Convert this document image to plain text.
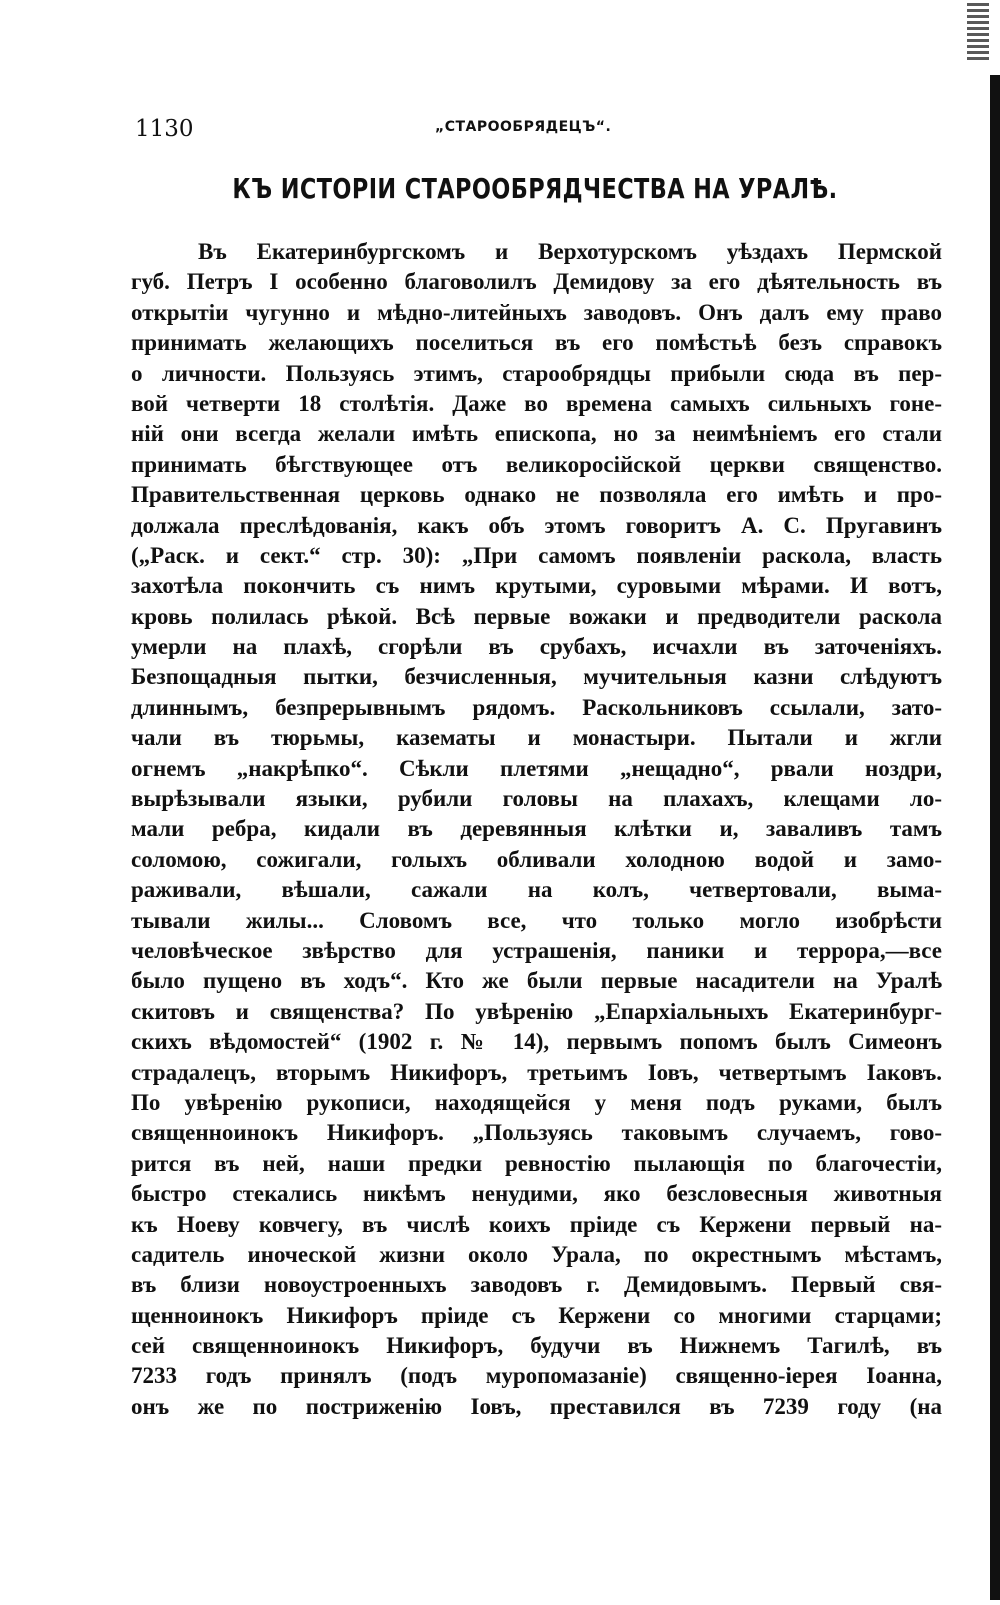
1130	„СТАРООБРЯДЕЦЪ“.
КЪ ИСТОРІИ СТАРООБРЯДЧЕСТВА НА УРАЛѢ.
Въ Екатеринбургскомъ и Верхотурскомъ уѣздахъ Пермской
губ. Петръ I особенно благоволилъ Демидову за его дѣятельность въ
открытіи чугунно и мѣдно-литейныхъ заводовъ. Онъ далъ ему право
принимать желающихъ поселиться въ его помѣстьѣ безъ справокъ
о личности. Пользуясь этимъ, старообрядцы прибыли сюда въ пер-
вой четверти 18 столѣтія. Даже во времена самыхъ сильныхъ гоне-
ній они всегда желали имѣть епископа, но за неимѣніемъ его стали
принимать бѣгствующее отъ великоросійской церкви священство.
Правительственная церковь однако не позволяла его имѣть и про-
должала преслѣдованія, какъ объ этомъ говоритъ А. С. Пругавинъ
(„Раск. и сект.“ стр. 30): „При самомъ появленіи раскола, власть
захотѣла покончить съ нимъ крутыми, суровыми мѣрами. И вотъ,
кровь полилась рѣкой. Всѣ первые вожаки и предводители раскола
умерли на плахѣ, сгорѣли въ срубахъ, исчахли въ заточеніяхъ.
Безпощадныя пытки, безчисленныя, мучительныя казни слѣдуютъ
длиннымъ, безпрерывнымъ рядомъ. Раскольниковъ ссылали, зато-
чали въ тюрьмы, казематы и монастыри. Пытали и жгли
огнемъ „накрѣпко“. Сѣкли плетями „нещадно“, рвали ноздри,
вырѣзывали языки, рубили головы на плахахъ, клещами ло-
мали ребра, кидали въ деревянныя клѣтки и, заваливъ тамъ
соломою, сожигали, голыхъ обливали холодною водой и замо-
раживали, вѣшали, сажали на колъ, четвертовали, выма-
тывали жилы... Словомъ все, что только могло изобрѣсти
человѣческое звѣрство для устрашенія, паники и террора,—все
было пущено въ ходъ“. Кто же были первые насадители на Уралѣ
скитовъ и священства? По увѣренію „Епархіальныхъ Екатеринбург-
скихъ вѣдомостей“ (1902 г. № 14), первымъ попомъ былъ Симеонъ
страдалецъ, вторымъ Никифоръ, третьимъ Іовъ, четвертымъ Іаковъ.
По увѣренію рукописи, находящейся у меня подъ руками, былъ
священноинокъ Никифоръ. „Пользуясь таковымъ случаемъ, гово-
рится въ ней, наши предки ревностію пылающія по благочестіи,
быстро стекались никѣмъ ненудими, яко безсловесныя животныя
къ Ноеву ковчегу, въ числѣ коихъ пріиде съ Кержени первый на-
садитель иноческой жизни около Урала, по окрестнымъ мѣстамъ,
въ близи новоустроенныхъ заводовъ г. Демидовымъ. Первый свя-
щенноинокъ Никифоръ пріиде съ Кержени со многими старцами;
сей священноинокъ Никифоръ, будучи въ Нижнемъ Тагилѣ, въ
7233 годъ принялъ (подъ муропомазаніе) священно-іерея Іоанна,
онъ же по постриженію Іовъ, преставился въ 7239 году (на
